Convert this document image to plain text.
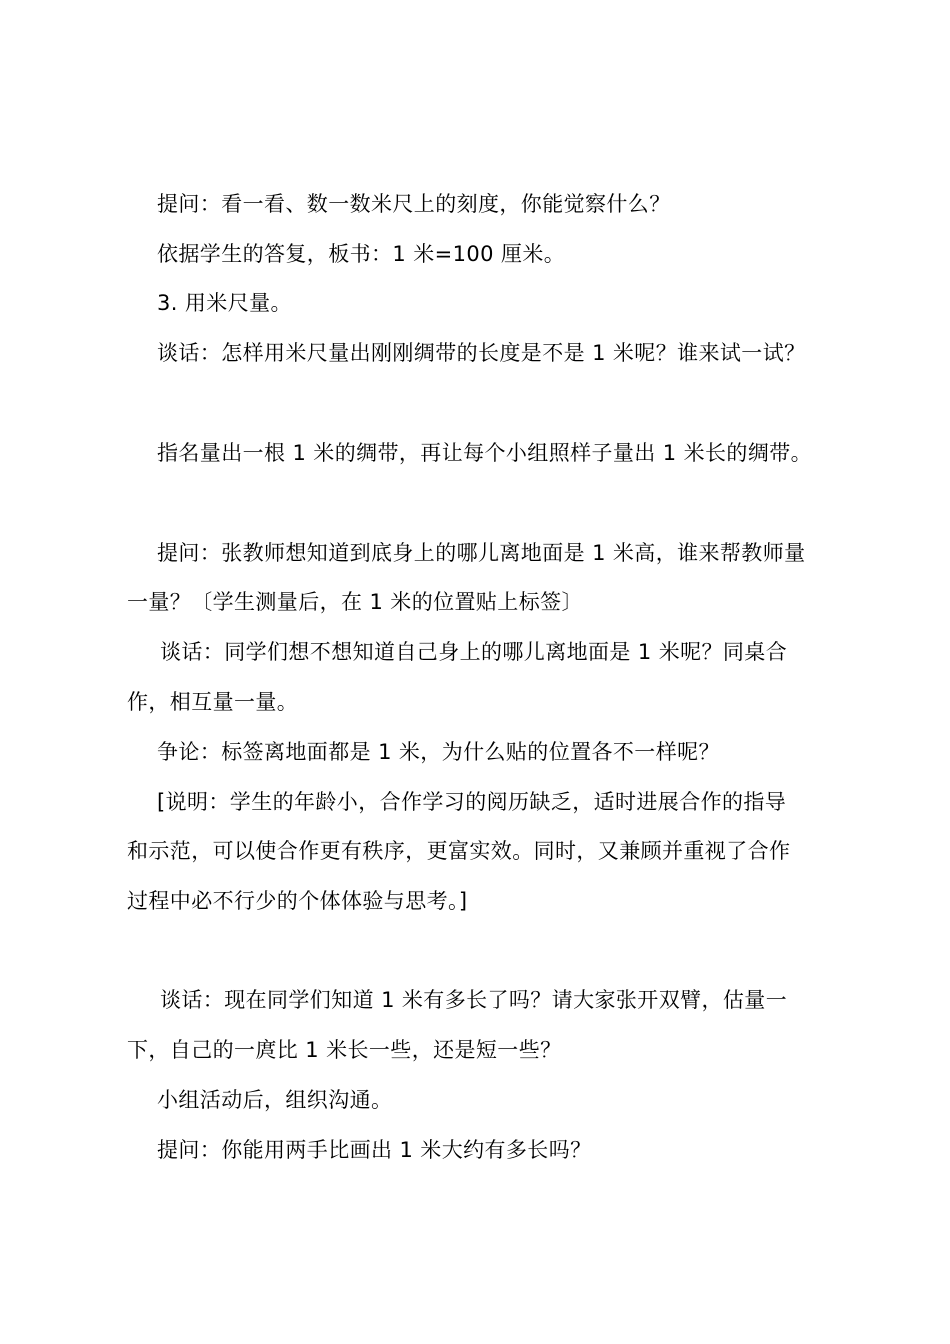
提问：看一看、数一数米尺上的刻度，你能觉察什么？

依据学生的答复，板书：1 米=100 厘米。

3. 用米尺量。

谈话：怎样用米尺量出刚刚绸带的长度是不是 1 米呢？谁来试一试？

指名量出一根 1 米的绸带，再让每个小组照样子量出 1 米长的绸带。

提问：张教师想知道到底身上的哪儿离地面是 1 米高，谁来帮教师量

一量？〔学生测量后，在 1 米的位置贴上标签〕

谈话：同学们想不想知道自己身上的哪儿离地面是 1 米呢？同桌合

作，相互量一量。

争论：标签离地面都是 1 米，为什么贴的位置各不一样呢？

[说明：学生的年龄小，合作学习的阅历缺乏，适时进展合作的指导

和示范，可以使合作更有秩序，更富实效。同时，又兼顾并重视了合作

过程中必不行少的个体体验与思考。]

谈话：现在同学们知道 1 米有多长了吗？请大家张开双臂，估量一

下，自己的一庹比 1 米长一些，还是短一些？

小组活动后，组织沟通。

提问：你能用两手比画出 1 米大约有多长吗？
